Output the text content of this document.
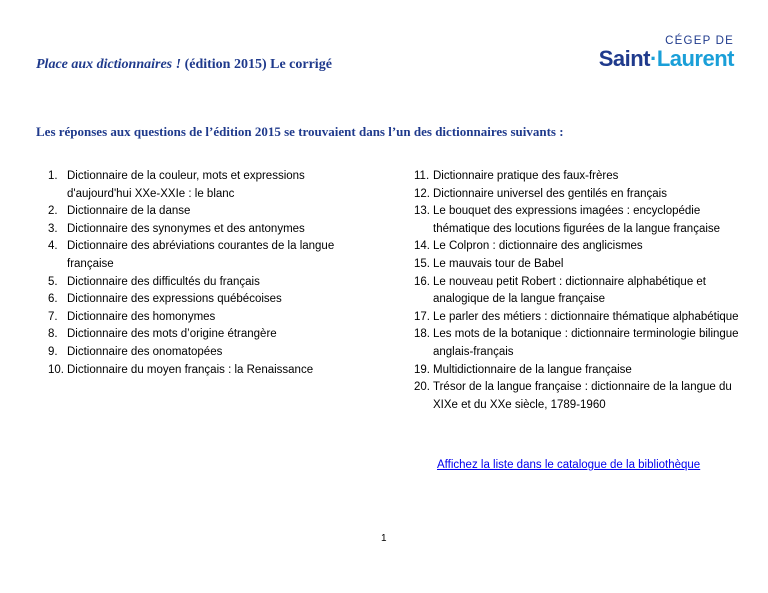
Place aux dictionnaires ! (édition 2015) Le corrigé
CÉGEP DE
Saint·Laurent
Les réponses aux questions de l’édition 2015 se trouvaient dans l’un des dictionnaires suivants :
1. Dictionnaire de la couleur, mots et expressions d'aujourd'hui XXe-XXIe : le blanc
2. Dictionnaire de la danse
3. Dictionnaire des synonymes et des antonymes
4. Dictionnaire des abréviations courantes de la langue française
5. Dictionnaire des difficultés du français
6. Dictionnaire des expressions québécoises
7. Dictionnaire des homonymes
8. Dictionnaire des mots d’origine étrangère
9. Dictionnaire des onomatopées
10. Dictionnaire du moyen français : la Renaissance
11. Dictionnaire pratique des faux-frères
12. Dictionnaire universel des gentilés en français
13. Le bouquet des expressions imagées : encyclopédie thématique des locutions figurées de la langue française
14. Le Colpron : dictionnaire des anglicismes
15. Le mauvais tour de Babel
16. Le nouveau petit Robert : dictionnaire alphabétique et analogique de la langue française
17. Le parler des métiers : dictionnaire thématique alphabétique
18. Les mots de la botanique : dictionnaire terminologie bilingue anglais-français
19. Multidictionnaire de la langue française
20. Trésor de la langue française : dictionnaire de la langue du XIXe et du XXe siècle, 1789-1960
Affichez la liste dans le catalogue de la bibliothèque
1
